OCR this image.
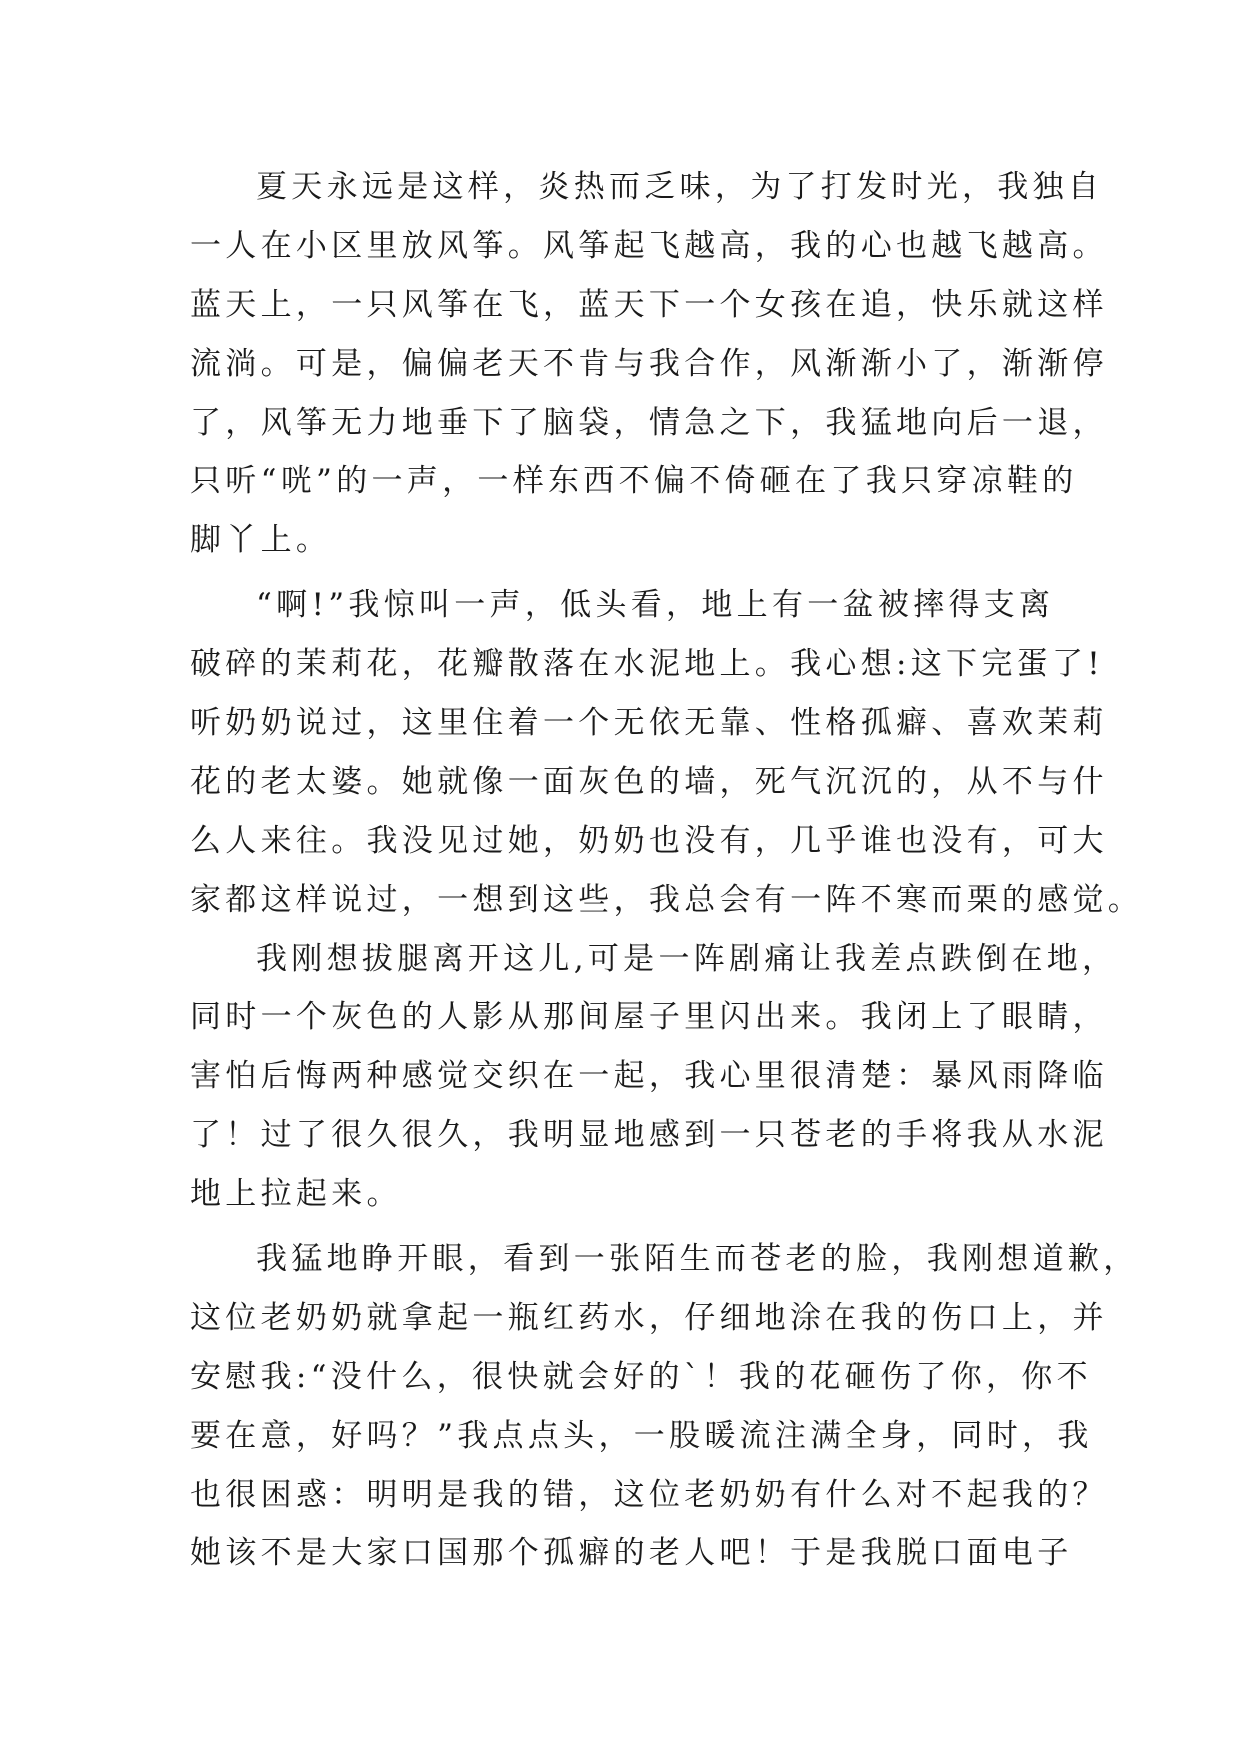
夏天永远是这样，炎热而乏味，为了打发时光，我独自
一人在小区里放风筝。风筝起飞越高，我的心也越飞越高。
蓝天上，一只风筝在飞，蓝天下一个女孩在追，快乐就这样
流淌。可是，偏偏老天不肯与我合作，风渐渐小了，渐渐停
了，风筝无力地垂下了脑袋，情急之下，我猛地向后一退，
只听“咣”的一声，一样东西不偏不倚砸在了我只穿凉鞋的
脚丫上。
“啊!”我惊叫一声，低头看，地上有一盆被摔得支离
破碎的茉莉花，花瓣散落在水泥地上。我心想:这下完蛋了!
听奶奶说过，这里住着一个无依无靠、性格孤癖、喜欢茉莉
花的老太婆。她就像一面灰色的墙，死气沉沉的，从不与什
么人来往。我没见过她，奶奶也没有，几乎谁也没有，可大
家都这样说过，一想到这些，我总会有一阵不寒而栗的感觉。
我刚想拔腿离开这儿,可是一阵剧痛让我差点跌倒在地，
同时一个灰色的人影从那间屋子里闪出来。我闭上了眼睛，
害怕后悔两种感觉交织在一起，我心里很清楚：暴风雨降临
了！过了很久很久，我明显地感到一只苍老的手将我从水泥
地上拉起来。
我猛地睁开眼，看到一张陌生而苍老的脸，我刚想道歉，
这位老奶奶就拿起一瓶红药水，仔细地涂在我的伤口上，并
安慰我:“没什么，很快就会好的`！我的花砸伤了你，你不
要在意，好吗？”我点点头，一股暖流注满全身，同时，我
也很困惑：明明是我的错，这位老奶奶有什么对不起我的？
她该不是大家口国那个孤癖的老人吧！于是我脱口面电子
